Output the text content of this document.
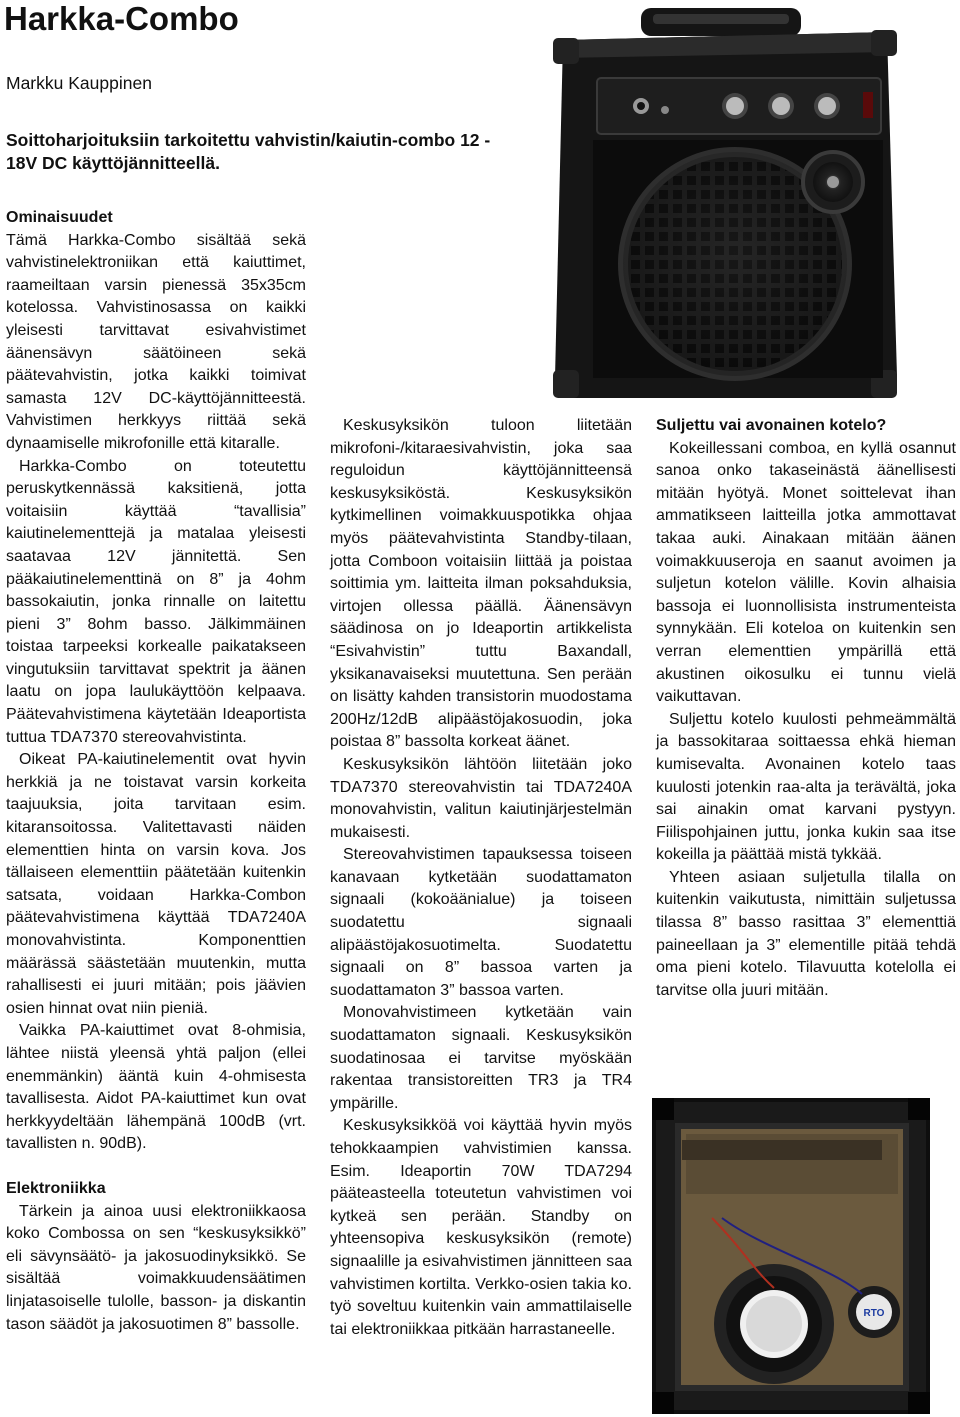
Harkka-Combo
Markku Kauppinen
Soittoharjoituksiin tarkoitettu vahvistin/kaiutin-combo 12 - 18V DC käyttöjännitteellä.
Ominaisuudet

Tämä Harkka-Combo sisältää sekä vahvistinelektroniikan että kaiuttimet, raameiltaan varsin pienessä 35x35cm kotelossa. Vahvistinosassa on kaikki yleisesti tarvittavat esivahvistimet äänensävyn säätöineen sekä päätevahvistin, jotka kaikki toimivat samasta 12V DC-käyttöjännitteestä. Vahvistimen herkkyys riittää sekä dynaamiselle mikrofonille että kitaralle.

Harkka-Combo on toteutettu peruskytkennässä kaksitienä, jotta voitaisiin käyttää “tavallisia” kaiutinelementtejä ja matalaa yleisesti saatavaa 12V jännitettä. Sen pääkaiutinelementtinä on 8” ja 4ohm bassokaiutin, jonka rinnalle on laitettu pieni 3” 8ohm basso. Jälkimmäinen toistaa tarpeeksi korkealle paikatakseen vingutuksiin tarvittavat spektrit ja äänen laatu on jopa laulukäyttöön kelpaava. Päätevahvistimena käytetään Ideaportista tuttua TDA7370 stereovahvistinta.

Oikeat PA-kaiutinelementit ovat hyvin herkkiä ja ne toistavat varsin korkeita taajuuksia, joita tarvitaan esim. kitaransoitossa. Valitettavasti näiden elementtien hinta on varsin kova. Jos tällaiseen elementtiin päätetään kuitenkin satsata, voidaan Harkka-Combon päätevahvistimena käyttää TDA7240A monovahvistinta. Komponenttien määrässä säästetään muutenkin, mutta rahallisesti ei juuri mitään; pois jäävien osien hinnat ovat niin pieniä.

Vaikka PA-kaiuttimet ovat 8-ohmisia, lähtee niistä yleensä yhtä paljon (ellei enemmänkin) ääntä kuin 4-ohmisesta tavallisesta. Aidot PA-kaiuttimet kun ovat herkkyydeltään lähempänä 100dB (vrt. tavallisten n. 90dB).

Elektroniikka

Tärkein ja ainoa uusi elektroniikkaosa koko Combossa on sen “keskusyksikkö” eli sävynsäätö- ja jakosuodinyksikkö. Se sisältää voimakkuudensäätimen linjatasoiselle tulolle, basson- ja diskantin tason säädöt ja jakosuotimen 8” bassolle.

Keskusyksikön tuloon liitetään mikrofoni-/kitaraesivahvistin, joka saa reguloidun käyttöjännitteensä keskusyksiköstä. Keskusyksikön kytkimellinen voimakkuuspotikka ohjaa myös päätevahvistinta Standby-tilaan, jotta Comboon voitaisiin liittää ja poistaa soittimia ym. laitteita ilman poksahduksia, virtojen ollessa päällä. Äänensävyn säädinosa on jo Ideaportin artikkelista “Esivahvistin” tuttu Baxandall, yksikanavaiseksi muutettuna. Sen perään on lisätty kahden transistorin muodostama 200Hz/12dB alipäästöjakosuodin, joka poistaa 8” bassolta korkeat äänet.

Keskusyksikön lähtöön liitetään joko TDA7370 stereovahvistin tai TDA7240A monovahvistin, valitun kaiutinjärjestelmän mukaisesti.

Stereovahvistimen tapauksessa toiseen kanavaan kytketään suodattamaton signaali (kokoäänialue) ja toiseen suodatettu signaali alipäästöjakosuotimelta. Suodatettu signaali on 8” bassoa varten ja suodattamaton 3” bassoa varten.

Monovahvistimeen kytketään vain suodattamaton signaali. Keskusyksikön suodatinosaa ei tarvitse myöskään rakentaa transistoreitten TR3 ja TR4 ympärille.

Keskusyksikköä voi käyttää hyvin myös tehokkaampien vahvistimien kanssa. Esim. Ideaportin 70W TDA7294 pääteasteella toteutetun vahvistimen voi kytkeä sen perään. Standby on yhteensopiva keskusyksikön (remote) signaalille ja esivahvistimen jännitteen saa vahvistimen kortilta. Verkko-osien takia ko. työ soveltuu kuitenkin vain ammattilaiselle tai elektroniikkaa pitkään harrastaneelle.

Suljettu vai avonainen kotelo?

Kokeillessani comboa, en kyllä osannut sanoa onko takaseinästä äänellisesti mitään hyötyä. Monet soittelevat ihan ammatikseen laitteilla jotka ammottavat takaa auki. Ainakaan mitään äänen voimakkuuseroja en saanut avoimen ja suljetun kotelon välille. Kovin alhaisia bassoja ei luonnollisista instrumenteista synnykään. Eli koteloa on kuitenkin sen verran elementtien ympärillä että akustinen oikosulku ei tunnu vielä vaikuttavan.

Suljettu kotelo kuulosti pehmeämmältä ja bassokitaraa soittaessa ehkä hieman kumisevalta. Avonainen kotelo taas kuulosti jotenkin raa-alta ja terävältä, joka sai ainakin omat karvani pystyyn. Fiilispohjainen juttu, jonka kukin saa itse kokeilla ja päättää mistä tykkää.

Yhteen asiaan suljetulla tilalla on kuitenkin vaikutusta, nimittäin suljetussa tilassa 8” basso rasittaa 3” elementtiä paineellaan ja 3” elementille pitää tehdä oma pieni kotelo. Tilavuutta kotelolla ei tarvitse olla juuri mitään.

RTO
